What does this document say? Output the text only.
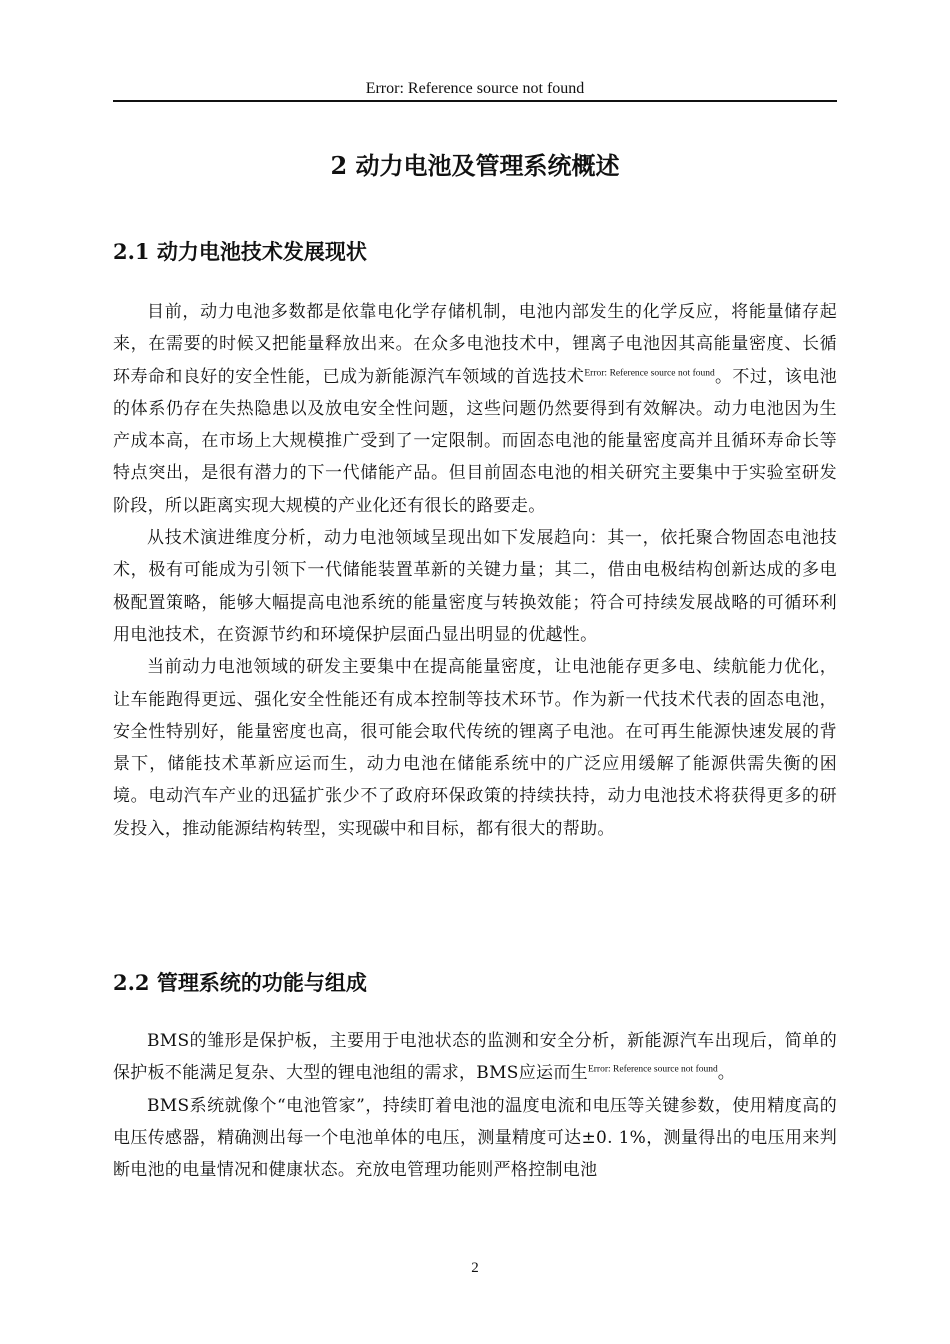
Error: Reference source not found
2 动力电池及管理系统概述
2.1 动力电池技术发展现状

目前，动力电池多数都是依靠电化学存储机制，电池内部发生的化学反应，将能量储存起来，在需要的时候又把能量释放出来。在众多电池技术中，锂离子电池因其高能量密度、长循环寿命和良好的安全性能，已成为新能源汽车领域的首选技术$^{Error: Reference source not found}$。不过，该电池的体系仍存在失热隐患以及放电安全性问题，这些问题仍然要得到有效解决。动力电池因为生产成本高，在市场上大规模推广受到了一定限制。而固态电池的能量密度高并且循环寿命长等特点突出，是很有潜力的下一代储能产品。但目前固态电池的相关研究主要集中于实验室研发阶段，所以距离实现大规模的产业化还有很长的路要走。

从技术演进维度分析，动力电池领域呈现出如下发展趋向：其一，依托聚合物固态电池技术，极有可能成为引领下一代储能装置革新的关键力量；其二，借由电极结构创新达成的多电极配置策略，能够大幅提高电池系统的能量密度与转换效能；符合可持续发展战略的可循环利用电池技术，在资源节约和环境保护层面凸显出明显的优越性。

当前动力电池领域的研发主要集中在提高能量密度，让电池能存更多电、续航能力优化，让车能跑得更远、强化安全性能还有成本控制等技术环节。作为新一代技术代表的固态电池，安全性特别好，能量密度也高，很可能会取代传统的锂离子电池。在可再生能源快速发展的背景下，储能技术革新应运而生，动力电池在储能系统中的广泛应用缓解了能源供需失衡的困境。电动汽车产业的迅猛扩张少不了政府环保政策的持续扶持，动力电池技术将获得更多的研发投入，推动能源结构转型，实现碳中和目标，都有很大的帮助。

2.2 管理系统的功能与组成

BMS的雏形是保护板，主要用于电池状态的监测和安全分析，新能源汽车出现后，简单的保护板不能满足复杂、大型的锂电池组的需求，BMS应运而生$^{Error: Reference source not found}$。

BMS系统就像个“电池管家”，持续盯着电池的温度电流和电压等关键参数，使用精度高的电压传感器，精确测出每一个电池单体的电压，测量精度可达±0. 1%，测量得出的电压用来判断电池的电量情况和健康状态。充放电管理功能则严格控制电池

2
